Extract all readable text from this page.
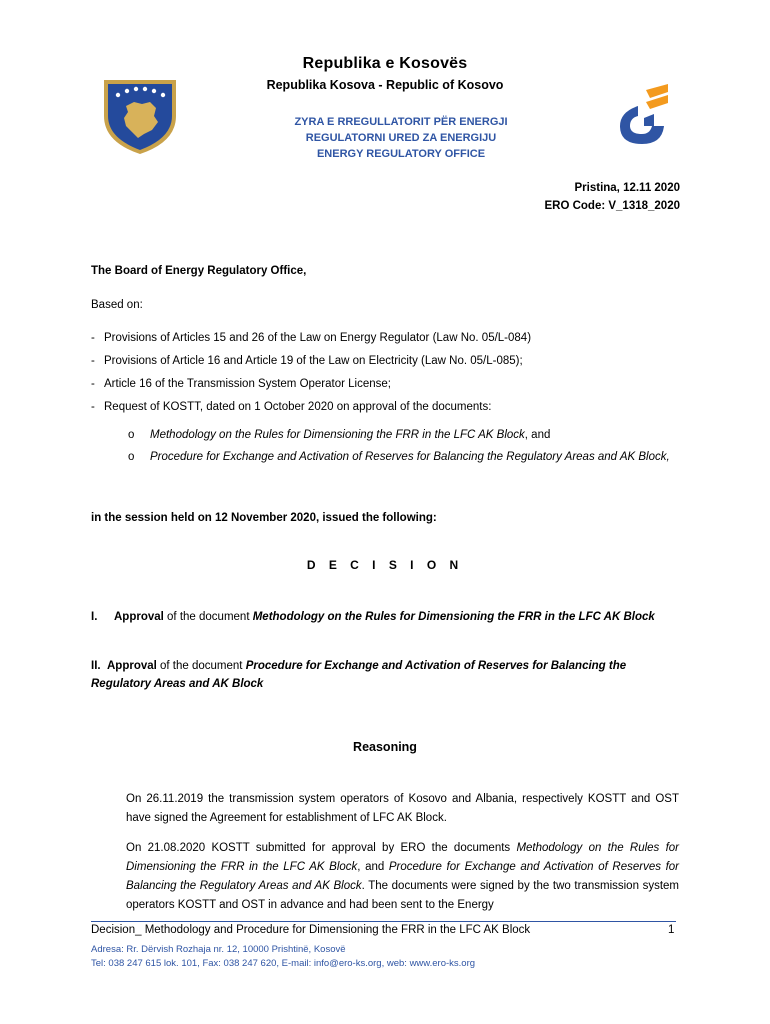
Republika e Kosovës
Republika Kosova - Republic of Kosovo
ZYRA E RREGULLATORIT PËR ENERGJI
REGULATORNI URED ZA ENERGIJU
ENERGY REGULATORY OFFICE
Pristina, 12.11 2020
ERO Code: V_1318_2020
The Board of Energy Regulatory Office,
Based on:
- Provisions of Articles 15 and 26 of the Law on Energy Regulator (Law No. 05/L-084)
- Provisions of Article 16 and Article 19 of the Law on Electricity (Law No. 05/L-085);
- Article 16 of the Transmission System Operator License;
- Request of KOSTT, dated on 1 October 2020 on approval of the documents:
o Methodology on the Rules for Dimensioning the FRR in the LFC AK Block, and
o Procedure for Exchange and Activation of Reserves for Balancing the Regulatory Areas and AK Block,
in the session held on 12 November 2020, issued the following:
D E C I S I O N
I. Approval of the document Methodology on the Rules for Dimensioning the FRR in the LFC AK Block
II. Approval of the document Procedure for Exchange and Activation of Reserves for Balancing the Regulatory Areas and AK Block
Reasoning
On 26.11.2019 the transmission system operators of Kosovo and Albania, respectively KOSTT and OST have signed the Agreement for establishment of LFC AK Block.
On 21.08.2020 KOSTT submitted for approval by ERO the documents Methodology on the Rules for Dimensioning the FRR in the LFC AK Block, and Procedure for Exchange and Activation of Reserves for Balancing the Regulatory Areas and AK Block. The documents were signed by the two transmission system operators KOSTT and OST in advance and had been sent to the Energy
Decision_ Methodology and Procedure for Dimensioning the FRR in the LFC AK Block	1
Adresa: Rr. Dërvish Rozhaja nr. 12, 10000 Prishtinë, Kosovë
Tel: 038 247 615 lok. 101, Fax: 038 247 620, E-mail: info@ero-ks.org, web: www.ero-ks.org
